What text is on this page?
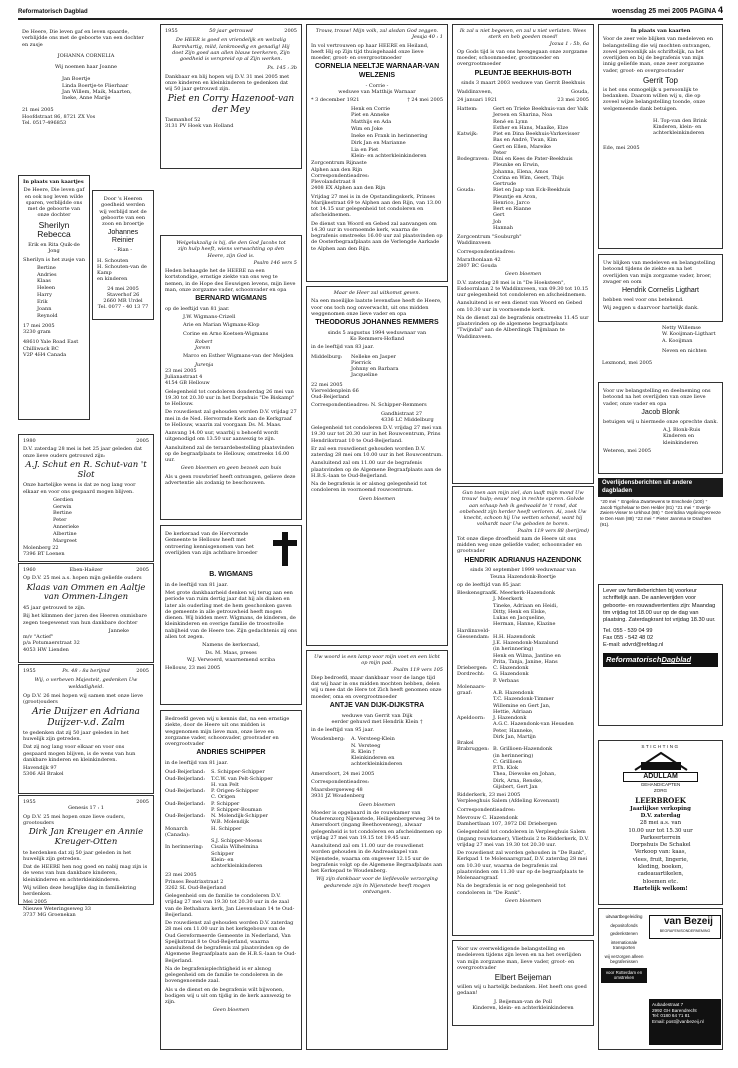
Reformatorisch Dagblad	woensdag 25 mei 2005 PAGINA 4
De Heere, Die leven gaf en leven spaarde, verblijdde ons met de geboorte van een dochter en zusje
JOHANNA CORNELIA
Wij noemen haar Joanne
Jan Boertje
Linda Boertje-te Flierhaar
Jan Willem, Maik, Maarten,
Ineke, Anne Marije
21 mei 2005
Hoofdstraat 86, 8721 ZX Vos
Tel. 0517-496853
In plaats van kaartjes
De Heere, Die leven gaf en ook nog leven wilde sparen, verblijdde ons met de geboorte van onze dochter
Sherilyn Rebecca
Erik en Rita Quik-de Jong
Sherilyn is het zusje van
Bertine
Andries
Klaas
Heleen
Harry
Erik
Joann
Reynold
17 mei 2005
3230 gram
48610 Yale Road East
Chilliwack BC
V2P 4H4 Canada
Door 's Heeren goedheid werden wij verblijd met de geboorte van een zoon en broertje
Johannes Reinier
- Rian -
H. Schouten
H. Schouten-van de Kamp
en kinderen
24 mei 2005
Staverhof 26
2660 MR Urdel
Tel. 0077 - 40 13 77
1980	2005
D.V. zaterdag 28 mei is het 25 jaar geleden dat onze lieve ouders getrouwd zijn:
A.J. Schut en R. Schut-van 't Slot
Onze hartelijke wens is dat ze nog lang voor elkaar en voor ons gespaard mogen blijven.
Gerdien
Gerwin
Bertine
Peter
Annerieke
Albertine
Margreet
Molenberg 22
7396 BT Loenen
1960	Eben-Haëzer	2005
Op D.V. 25 mei a.s. hopen mijn geliefde ouders
Klaas van Ommen en Aaltje van Ommen-Lingen
45 jaar getrouwd te zijn.
Bij het klimmen der jaren des Heeren onmisbare zegen toegewenst van hun dankbare dochter
Janneke
m/v "Actief"
p/a Potumaerstraat 32
4053 HW Lienden
1955	Ps. 48 : 8a berijmd	2005
Wij, o verheven Majesteit, gedenken Uw weldadigheid.
Op D.V. 26 mei hopen wij samen met onze lieve (groot)ouders
Arie Duijzer en Adriana Duijzer-v.d. Zalm
te gedenken dat zij 50 jaar geleden in het huwelijk zijn getreden.
Dat zij nog lang voor elkaar en voor ons gespaard mogen blijven, is de wens van hun dankbare kinderen en kleinkinderen.
Havendijk 97
5306 AH Brakel
1955	2005
Genesis 17 : 1
Op D.V. 25 mei hopen onze lieve ouders, grootouders
Dirk Jan Kreuger en Annie Kreuger-Otten
te herdenken dat zij 50 jaar geleden in het huwelijk zijn getreden.
Dat de HEERE hen nog goed en nabij mag zijn is de wens van hun dankbare kinderen, kleinkinderen en achterkleinkinderen.
Wij willen deze heuglijke dag in familiekring herdenken.
Mei 2005
Nieuwe Weteringseweg 33
3737 MG Groenekan
1955	50 jaar getrouwd	2005
De HEER is goed en vriendelijk en welzalig Barmhartig, mild, lankmoedig en genadig! Hij doet Zijn goed aan allen blauw teerkeren, Zijn goedheid is verspreid op al Zijn werken.
Ps. 145 : 3b
Dankbaar en blij hopen wij D.V. 31 mei 2005 met onze kinderen en kleinkinderen te gedenken dat wij 50 jaar getrouwd zijn.
Piet en Corry Hazenoot-van der Mey
Tasmanhof 52
3131 PV Hoek van Holland
Welgelukzalig is hij, die den God Jacobs tot zijn hulp heeft, wiens verwachting op den Heere, zijn God is.
Psalm 146 vers 5
Heden behaagde het de HEERE na een kortstondige, ernstige ziekte van ons weg te nemen, in de Hope des Eeuwigen levens, mijn lieve man, onze zorgzame vader, schoonvader en opa
BERNARD WIGMANS
op de leeftijd van 81 jaar.
J.W. Wigmans-Crizell
Arie en Marian Wigmans-Klop
Corine en Arno Koetsen-Wigmans
Robert
Jorem
Marco en Esther Wigmans-van der Meijden
Jurenja
23 mei 2005
Julianastraat 4
4154 GB Hellouw
Gelegenheid tot condoleren donderdag 26 mei van 19.30 tot 20.30 uur in het Dorpshuis "De Biskamp" te Hellouw.
De rouwdienst zal gehouden worden D.V. vrijdag 27 mei in de Ned. Hervormde Kerk aan de Kerkgraaf te Hellouw, waarin zal voorgaan Ds. M. Maas.
Aanvang 14.00 uur, waarbij u behoefd wordt uitgenodigd om 13.50 uur aanwezig te zijn.
Aansluitend zal de teraardebestelling plaatsvinden op de begraafplaats te Hellouw, omstreeks 16.00 uur.
Geen bloemen en geen bezoek aan huis
Als u geen rouwbrief heeft ontvangen, gelieve deze advertentie als zodanig te beschouwen.
De kerkeraad van de Hervormde Gemeente te Hellouw heeft met ontroering kennisgenomen van het overlijden van zijn achtbare broeder
B. WIGMANS
in de leeftijd van 81 jaar.
Met grote dankbaarheid denken wij terug aan een periode van ruim dertig jaar dat hij als diaken en later als ouderling met de hem geschonken gaven de gemeente in alle getrouwheid heeft mogen dienen. Wij bidden mevr. Wigmans, de kinderen, de kleinkinderen en overige familie de troostvolle nabijheid van de Heere toe. Zijn gedachtenis zij ons allen tot zegen.
Namens de kerkeraad,
Ds. M. Maas, preses
W.J. Verwoerd, waarnemend scriba
Hellouw, 23 mei 2005
Bedroefd geven wij u kennis dat, na een ernstige ziekte, door de Heere uit ons midden is weggenomen mijn lieve man, onze lieve en zorgzame vader, schoonvader, grootvader en overgrootvader
ANDRIES SCHIPPER
in de leeftijd van 81 jaar.
Oud-Beijerland:	S. Schipper-Schipper
Oud-Beijerland:	T.C.W. van Pelt-Schipper
H. van Pelt
Oud-Beijerland:	P. Origen-Schipper
C. Origen
Oud-Beijerland:	P. Schipper
P. Schipper-Bouman
Oud-Beijerland:	N. Molendijk-Schipper
W.B. Molendijk
Monarch (Canada):
H. Schipper
S.J. Schipper-Moens
In herinnering:	Cisalia Wilhelmina
Schipper
Klein- en
achterkleinkinderen
23 mei 2005
Prinses Beatrixstraat 2
3262 SL Oud-Beijerland
Gelegenheid om de familie te condoleren D.V. vrijdag 27 mei van 19.30 tot 20.30 uur in de zaal van de Bethabara kerk, Jan Lievenslaan 14 te Oud-Beijerland.
De rouwdienst zal gehouden worden D.V. zaterdag 28 mei om 11.00 uur in het kerkgebouw van de Oud Gereformeerde Gemeente in Nederland, Van Speijkstraat 8 te Oud-Beijerland, waarna aansluitend de begrafenis zal plaatsvinden op de Algemene Begraafplaats aan de H.B.S.-laan te Oud-Beijerland.
Na de begrafenisplechtigheid is er alsnog gelegenheid om de familie te condoleren in de bovengenoemde zaal.
Als u de dienst en de begrafenis wilt bijwonen, bodigen wij u uit om tijdig in de kerk aanwezig te zijn.
Geen bloemen
Trouw, trouw! Mijn volk, zal alsdan God zeggen.
Jesaja 40 : 1
In vol vertrouwen op haar HEERE en Heiland, heeft Hij op Zijn tijd thuisgehaald onze lieve moeder, groot- en overgrootmoeder
CORNELIA NEELTJE WARNAAR-VAN WELZENIS
- Corrie -
weduwe van Matthijs Warnaar
* 3 december 1921	† 24 mei 2005
Henk en Corrie
Piet en Anneke
Matthijs en Ada
Wim en Joke
Ineke en Frank in herinnering
Dirk Jan en Marianne
Lia en Piet
Klein- en achterkleinkinderen
Zorgcentrum Rijnaste
Alphen aan den Rijn
Correspondentieadres:
Plevolandstraat 8
2408 EX Alphen aan den Rijn
Vrijdag 27 mei is in de Opstandingskerk, Prinses Marijkestraat 69 te Alphen aan den Rijn, van 13.00 tot 14.15 uur gelegenheid tot condoleren en afscheidnemen.
De dienst van Woord en Gebed zal aanvangen om 14.30 uur in voornoemde kerk, waarna de begrafenis omstreeks 16.00 uur zal plaatsvinden op de Oosterbegraafplaats aan de Verlengde Aarkade te Alphen aan den Rijn.
Maar de Heer zal uitkomst geven.
Na een moeilijke laatste levensfase heeft de Heere, voor ons toch nog onverwacht, uit ons midden weggenomen onze lieve vader en opa
THEODORUS JOHANNES REMMERS
sinds 5 augustus 1994 weduwnaar van
Ko Remmers-Hofland
in de leeftijd van 83 jaar.
Middelburg:	Nelleke en Jasper
Pierrick
Johnny en Barbara
Jacqueline
22 mei 2005
Vierveldenplein 66
Oud-Beijerland
Correspondentieadres: N. Schipper-Remmers
Gandhistraat 27
4336 LC Middelburg
Gelegenheid tot condoleren D.V. vrijdag 27 mei van 19.30 uur tot 20.30 uur in het Rouwcentrum, Prins Hendrikstraat 10 te Oud-Beijerland.
Er zal een rouwdienst gehouden worden D.V. zaterdag 28 mei om 10.00 uur in het Rouwcentrum.
Aansluitend zal om 11.00 uur de begrafenis plaatsvinden op de Algemene Begraafplaats aan de H.B.S.-laan te Oud-Beijerland.
Na de begrafenis is er alsnog gelegenheid tot condoleren in voornoemd rouwcentrum.
Geen bloemen
Uw woord is een lamp voor mijn voet en een licht op mijn pad.
Psalm 119 vers 105
Diep bedroefd, maar dankbaar voor de lange tijd dat wij haar in ons midden mochten hebben, delen wij u mee dat de Here tot Zich heeft genomen onze moeder, oma en overgrootmoeder
ANTJE VAN DIJK-DIJKSTRA
weduwe van Gerrit van Dijk
eerder gehuwd met Hendrik Klein †
in de leeftijd van 95 jaar.
Woudenberg:	A. Versteeg-Klein
N. Versteeg
R. Klein †
Kleinkinderen en
achterkleinkinderen
Amersfoort, 24 mei 2005
Correspondentieadres:
Maarsbergseweg 48
3931 JZ Woudenberg
Geen bloemen
Moeder is opgebaard in de rouwkamer van Ouderenzorg Nijenstede, Heiligenbergerweg 34 te Amersfoort (ingang Beethovenweg), alwaar gelegenheid is tot condoleren en afscheidnemen op vrijdag 27 mei van 19.15 tot 19.45 uur.
Aansluitend zal om 11.00 uur de rouwdienst worden gehouden in de Andreaskapel van Nijenstede, waarna om ongeveer 12.15 uur de begrafenis volgt op de Algemene Begraafplaats aan het Kerkepad te Woudenberg.
Wij zijn dankbaar voor de liefdevolle verzorging gedurende zijn in Nijenstede heeft mogen ontvangen.
Ik zal u niet begeven, en zal u niet verlaten. Wees sterk en heb goeden moed!
Jozua 1 : 5b, 6a
Op Gods tijd is van ons heengegaan onze zorgzame moeder, schoonmoeder, grootmoeder en overgrootmoeder
PLEUNTJE BEEKHUIS-BOTH
sinds 3 maart 2003 weduwe van Gerrit Beekhuis
Waddinxveen,	Gouda,
24 januari 1921	23 mei 2005
Hattem:	Gert en Trieke Beekhuis-van der Valk
Jeroen en Sharina, Noa
René en Lynn
Esther en Hans, Maaike, Elze
Katwijk:	Piet en Dina Beekhuis-Varkevisser
Bas en André, Twan, Kim
Gert en Ellen, Mareike
Peter
Bodegraven: Dini en Kees de Pater-Beekhuis
Pleunke en Erwin,
Johanna, Elena, Amos
Corina en Wim, Geert, Thijs
Gertrude
Gouda:	Riet en Jaap van Eck-Beekhuis
Pleuntje en Aron,
Henrico, Jarco
Bert en Rianne
Gert
Job
Hannah
Zorgcentrum "Souburgh"
Waddinxveen
Correspondentieadres:
Marathonlaan 42
2807 BC Gouda
Geen bloemen
D.V. zaterdag 28 mei is in "De Hoeksteen", Esdoornlaan 2 te Waddinxveen, van 09.30 tot 10.15 uur gelegenheid tot condoleren en afscheidnemen.
Aansluitend is er een dienst van Woord en Gebed om 10.30 uur in voornoemde kerk.
Na de dienst zal de begrafenis omstreeks 11.45 uur plaatsvinden op de algemene begraafplaats "Twijndal" aan de Alberdingk Thijmlaan te Waddinxveen.
Gun toen aan mijn ziel, dan laaft mijn mond Uw trouw' hulp; eeuw' nog in rechte sporen. Golvde aan schaap heb ik gedwaald te 't rond, dat onbehoedt zijn herder heeft verloren. Ai, zoek Uw knecht, schoon hij Uw wetten schond, want hij volhardt naar Uw geboden te horen.
Psalm 119 vers 88 (berijmd)
Tot onze diepe droefheid nam de Heere uit ons midden weg onze geliefde vader, schoonvader en grootvader
HENDRIK ADRIANUS HAZENDONK
sinds 30 september 1999 weduwnaar van
Teuna Hazendonk-Boertje
op de leeftijd van 85 jaar.
Bleskensgraaf:
K. Meerkerk-Hazendonk
J. Meerkerk
Tineke, Adriaan en Heidi,
Ditty, Henk en Elske,
Lukas en Jacqueline,
Herman, Hanne, Klazine
Hardinxveld-
Giessendam: H.H. Hazendonk
J.E. Hazendonk-Mazalund
(in herinnering)
Henk en Wilma, Jantine en
Prita, Tanja, Janine, Hans
Driebergen:	C. Hazendonk
Dordrecht:	G. Hazendonk
P. Verbaas
Molenaars-
graaf:	A.B. Hazendonk
T.C. Hazendonk-Timmer
Willemine en Gert Jan,
Hettie, Adriaan
Apeldoorn:	J. Hazendonk
A.G.C. Hazendonk-van Heusden
Peter, Hanneke,
Dirk Jan, Martijn
Brakel
Brabruggen: B. Grillioen-Hazendonk
(in herinnering)
C. Grillioen
P.Th. Klok
Thea, Diewoke en Johan,
Dirk, Arna, Renske,
Gijsbert, Gert Jan
Ridderkerk, 23 mei 2005
Verpleeghuis Salem (Afdeling Kovenant)
Correspondentieadres:
Mevrouw C. Hazendonk
Damhertlaan 107, 3972 DE Driebergen
Gelegenheid tot condoleren in Verpleeghuis Salem (ingang rouwkamer), Vliethuis 2 te Ridderkerk, D.V. vrijdag 27 mei van 19.30 tot 20.30 uur.
De rouwdienst zal worden gehouden in "De Rank", Kerkpad 1 te Molenaarsgraaf, D.V. zaterdag 28 mei om 10.30 uur, waarna de begrafenis zal plaatsvinden om 11.30 uur op de begraafplaats te Molenaarsgraaf.
Na de begrafenis is er nog gelegenheid tot condoleren in "De Rank".
Geen bloemen
Voor uw overweldigende belangstelling en medeleven tijdens zijn leven en na het overlijden van mijn zorgzame man, lieve vader, groot- en overgrootvader
Elbert Beijeman
willen wij u hartelijk bedanken. Het heeft ons goed gedaan!
J. Beijeman-van de Poll
Kinderen, klein- en achterkleinkinderen
In plaats van kaarten
Voor de zeer vele blijken van medeleven en belangstelling die wij mochten ontvangen, zowel persoonlijk als schriftelijk, na het overlijden en bij de begrafenis van mijn innig geliefde man, onze zeer zorgzame vader, groot- en overgrootvader
Gerrit Top
is het ons onmogelijk u persoonlijk te bedanken. Daarom willen wij u, die op zoveel wijze belangstelling toonde, onze welgemeende dank betuigen.
H. Top-van den Brink
Kinderen, klein- en
achterkleinkinderen
Ede, mei 2005
Uw blijken van medeleven en belangstelling betoond tijdens de ziekte en na het overlijden van mijn zorgzame vader, broer, zwager en oom
Hendrik Cornelis Ligthart
hebben veel voor ons betekend.
Wij zeggen u daarvoor hartelijk dank.
Netty Willemse
W. Kooijman-Ligthart
A. Kooijman
Neven en nichten
Lexmond, mei 2005
Voor uw belangstelling en deelneming ons betoond na het overlijden van onze lieve vader, onze vader en opa
Jacob Blonk
betuigen wij u hiermede onze oprechte dank.
A.J. Blonk-Ruis
Kinderen en kleinkinderen
Weteren, mei 2005
Overlijdensberichten uit andere dagbladen
⁺20 mei ⁺ Engelina Zwartewens te Enschede (100) ⁺ Jacob Tigchelaar te Den Helder (81) ⁺21 mei ⁺ Evertje Zwiers-Visser te Urkhout (86) ⁺ Gerritdina Voplining-Kreeze te Den Ham (88) ⁺22 mei ⁺ Pieter Jannma te Drachten (91).
Lever uw familieberichten bij voorkeur schriftelijk aan. De aanleverijden voor geboorte- en rouwadvertenties zijn: Maandag tim vrijdag tot 18.00 uur op de dag van plaatsing. Zaterdagkrant tot vrijdag 18.30 uur.
Tel. 055 - 539 04 99
Fax 055 - 542 48 02
E-mail: advrd@refdag.nl
ReformatorischDagblad
STICHTING
ADULLAM
GEHANDICAPTEN
ZORG
LEERBROEK
Jaarlijkse verkoping
D.V. zaterdag
28 mei a.s. van
10.00 uur tot 15.30 uur
Parkeerterrein
Dorpshuis De Schakel
Verkoop van: kaas,
vlees, fruit, lingerie,
kleding, boeken,
cadeauartikelen,
bloemen etc.
Hartelijk welkom!
uitvaartbegeleiding
depositofonds
gedenkstenen
internationale transporten
wij verzorgen alleen begrafenissen
voor Rotterdam en omstreken
van Bezeij
BEGRAFENISONDERNEMING
Aubadestraat 7
2992 GH Barendrecht
Tel: 0180 64 71 81
Email: post@vanbezeij.nl
